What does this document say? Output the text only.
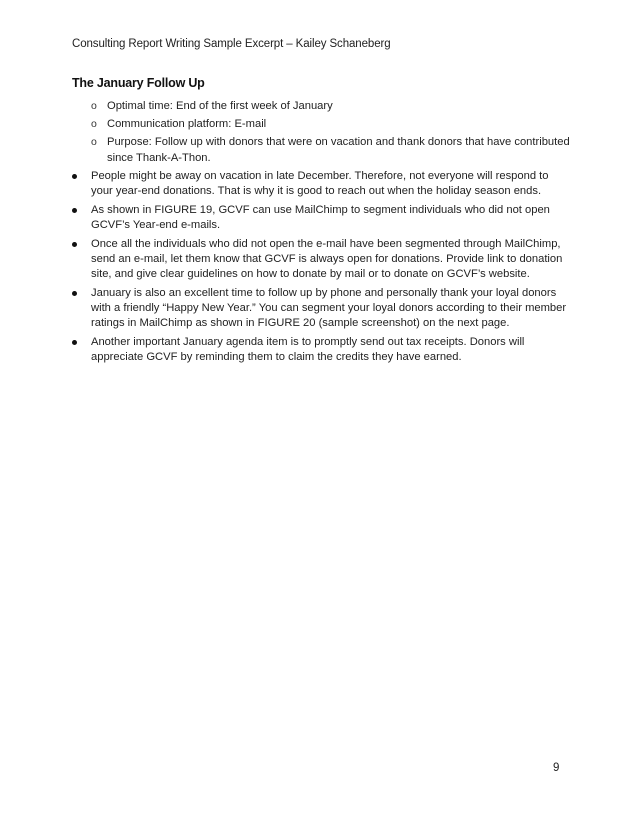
Consulting Report Writing Sample Excerpt – Kailey Schaneberg
The January Follow Up
o Optimal time: End of the first week of January
o Communication platform: E-mail
o Purpose: Follow up with donors that were on vacation and thank donors that have contributed since Thank-A-Thon.
People might be away on vacation in late December. Therefore, not everyone will respond to your year-end donations. That is why it is good to reach out when the holiday season ends.
As shown in FIGURE 19, GCVF can use MailChimp to segment individuals who did not open GCVF’s Year-end e-mails.
Once all the individuals who did not open the e-mail have been segmented through MailChimp, send an e-mail, let them know that GCVF is always open for donations. Provide link to donation site, and give clear guidelines on how to donate by mail or to donate on GCVF’s website.
January is also an excellent time to follow up by phone and personally thank your loyal donors with a friendly “Happy New Year.” You can segment your loyal donors according to their member ratings in MailChimp as shown in FIGURE 20 (sample screenshot) on the next page.
Another important January agenda item is to promptly send out tax receipts. Donors will appreciate GCVF by reminding them to claim the credits they have earned.
9
